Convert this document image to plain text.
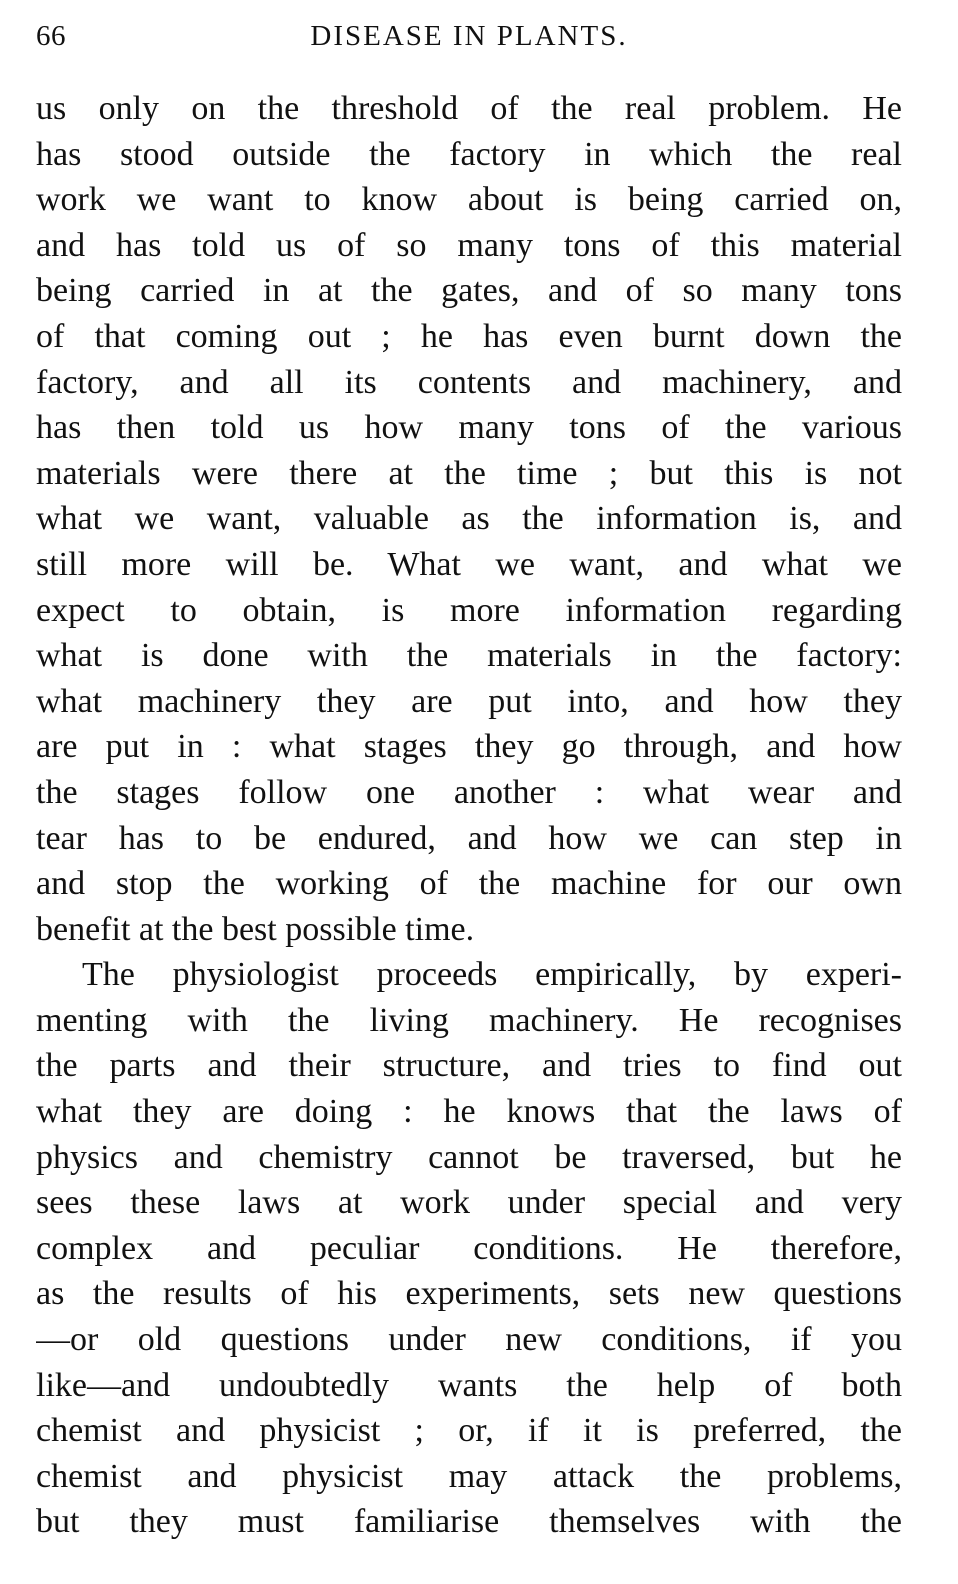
66	DISEASE IN PLANTS.
us only on the threshold of the real problem. He
has stood outside the factory in which the real
work we want to know about is being carried on,
and has told us of so many tons of this material
being carried in at the gates, and of so many tons
of that coming out ; he has even burnt down the
factory, and all its contents and machinery, and
has then told us how many tons of the various
materials were there at the time ; but this is not
what we want, valuable as the information is, and
still more will be. What we want, and what we
expect to obtain, is more information regarding
what is done with the materials in the factory:
what machinery they are put into, and how they
are put in : what stages they go through, and how
the stages follow one another : what wear and
tear has to be endured, and how we can step in
and stop the working of the machine for our own
benefit at the best possible time.
The physiologist proceeds empirically, by experi-
menting with the living machinery. He recognises
the parts and their structure, and tries to find out
what they are doing : he knows that the laws of
physics and chemistry cannot be traversed, but he
sees these laws at work under special and very
complex and peculiar conditions. He therefore,
as the results of his experiments, sets new questions
—or old questions under new conditions, if you
like—and undoubtedly wants the help of both
chemist and physicist ; or, if it is preferred, the
chemist and physicist may attack the problems,
but they must familiarise themselves with the
